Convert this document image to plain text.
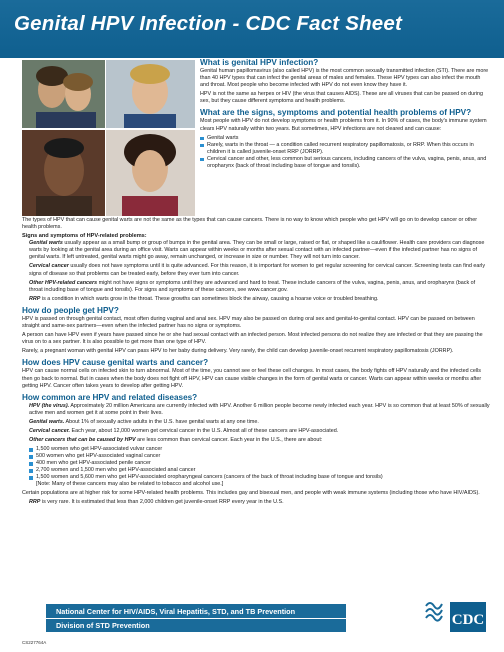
Genital HPV Infection - CDC Fact Sheet
What is genital HPV infection?
Genital human papillomavirus (also called HPV) is the most common sexually transmitted infection (STI). There are more than 40 HPV types that can infect the genital areas of males and females. These HPV types can also infect the mouth and throat. Most people who become infected with HPV do not even know they have it.
HPV is not the same as herpes or HIV (the virus that causes AIDS). These are all viruses that can be passed on during sex, but they cause different symptoms and health problems.
What are the signs, symptoms and potential health problems of HPV?
Most people with HPV do not develop symptoms or health problems from it. In 90% of cases, the body's immune system clears HPV naturally within two years. But sometimes, HPV infections are not cleared and can cause:
Genital warts
Rarely, warts in the throat — a condition called recurrent respiratory papillomatosis, or RRP. When this occurs in children it is called juvenile-onset RRP (JORRP).
Cervical cancer and other, less common but serious cancers, including cancers of the vulva, vagina, penis, anus, and oropharynx (back of throat including base of tongue and tonsils).
The types of HPV that can cause genital warts are not the same as the types that can cause cancers. There is no way to know which people who get HPV will go on to develop cancer or other health problems.
Signs and symptoms of HPV-related problems:
Genital warts usually appear as a small bump or group of bumps in the genital area. They can be small or large, raised or flat, or shaped like a cauliflower. Health care providers can diagnose warts by looking at the genital area during an office visit. Warts can appear within weeks or months after sexual contact with an infected partner—even if the infected partner has no signs of genital warts. If left untreated, genital warts might go away, remain unchanged, or increase in size or number. They will not turn into cancer.
Cervical cancer usually does not have symptoms until it is quite advanced. For this reason, it is important for women to get regular screening for cervical cancer. Screening tests can find early signs of disease so that problems can be treated early, before they ever turn into cancer.
Other HPV-related cancers might not have signs or symptoms until they are advanced and hard to treat. These include cancers of the vulva, vagina, penis, anus, and oropharynx (back of throat including base of tongue and tonsils). For signs and symptoms of these cancers, see www.cancer.gov.
RRP is a condition in which warts grow in the throat. These growths can sometimes block the airway, causing a hoarse voice or troubled breathing.
How do people get HPV?
HPV is passed on through genital contact, most often during vaginal and anal sex. HPV may also be passed on during oral sex and genital-to-genital contact. HPV can be passed on between straight and same-sex partners—even when the infected partner has no signs or symptoms.
A person can have HPV even if years have passed since he or she had sexual contact with an infected person. Most infected persons do not realize they are infected or that they are passing the virus on to a sex partner. It is also possible to get more than one type of HPV.
Rarely, a pregnant woman with genital HPV can pass HPV to her baby during delivery. Very rarely, the child can develop juvenile-onset recurrent respiratory papillomatosis (JORRP).
How does HPV cause genital warts and cancer?
HPV can cause normal cells on infected skin to turn abnormal. Most of the time, you cannot see or feel these cell changes. In most cases, the body fights off HPV naturally and the infected cells then go back to normal. But in cases when the body does not fight off HPV, HPV can cause visible changes in the form of genital warts or cancer. Warts can appear within weeks or months after getting HPV. Cancer often takes years to develop after getting HPV.
How common are HPV and related diseases?
HPV (the virus). Approximately 20 million Americans are currently infected with HPV. Another 6 million people become newly infected each year. HPV is so common that at least 50% of sexually active men and women get it at some point in their lives.
Genital warts. About 1% of sexually active adults in the U.S. have genital warts at any one time.
Cervical cancer. Each year, about 12,000 women get cervical cancer in the U.S. Almost all of these cancers are HPV-associated.
Other cancers that can be caused by HPV are less common than cervical cancer. Each year in the U.S., there are about:
1,500 women who get HPV-associated vulvar cancer
500 women who get HPV-associated vaginal cancer
400 men who get HPV-associated penile cancer
2,700 women and 1,500 men who get HPV-associated anal cancer
1,500 women and 5,600 men who get HPV-associated oropharyngeal cancers (cancers of the back of throat including base of tongue and tonsils)
[Note: Many of these cancers may also be related to tobacco and alcohol use.]
Certain populations are at higher risk for some HPV-related health problems. This includes gay and bisexual men, and people with weak immune systems (including those who have HIV/AIDS).
RRP is very rare. It is estimated that less than 2,000 children get juvenile-onset RRP every year in the U.S.
National Center for HIV/AIDS, Viral Hepatitis, STD, and TB Prevention
Division of STD Prevention	CDC
CS227764A
